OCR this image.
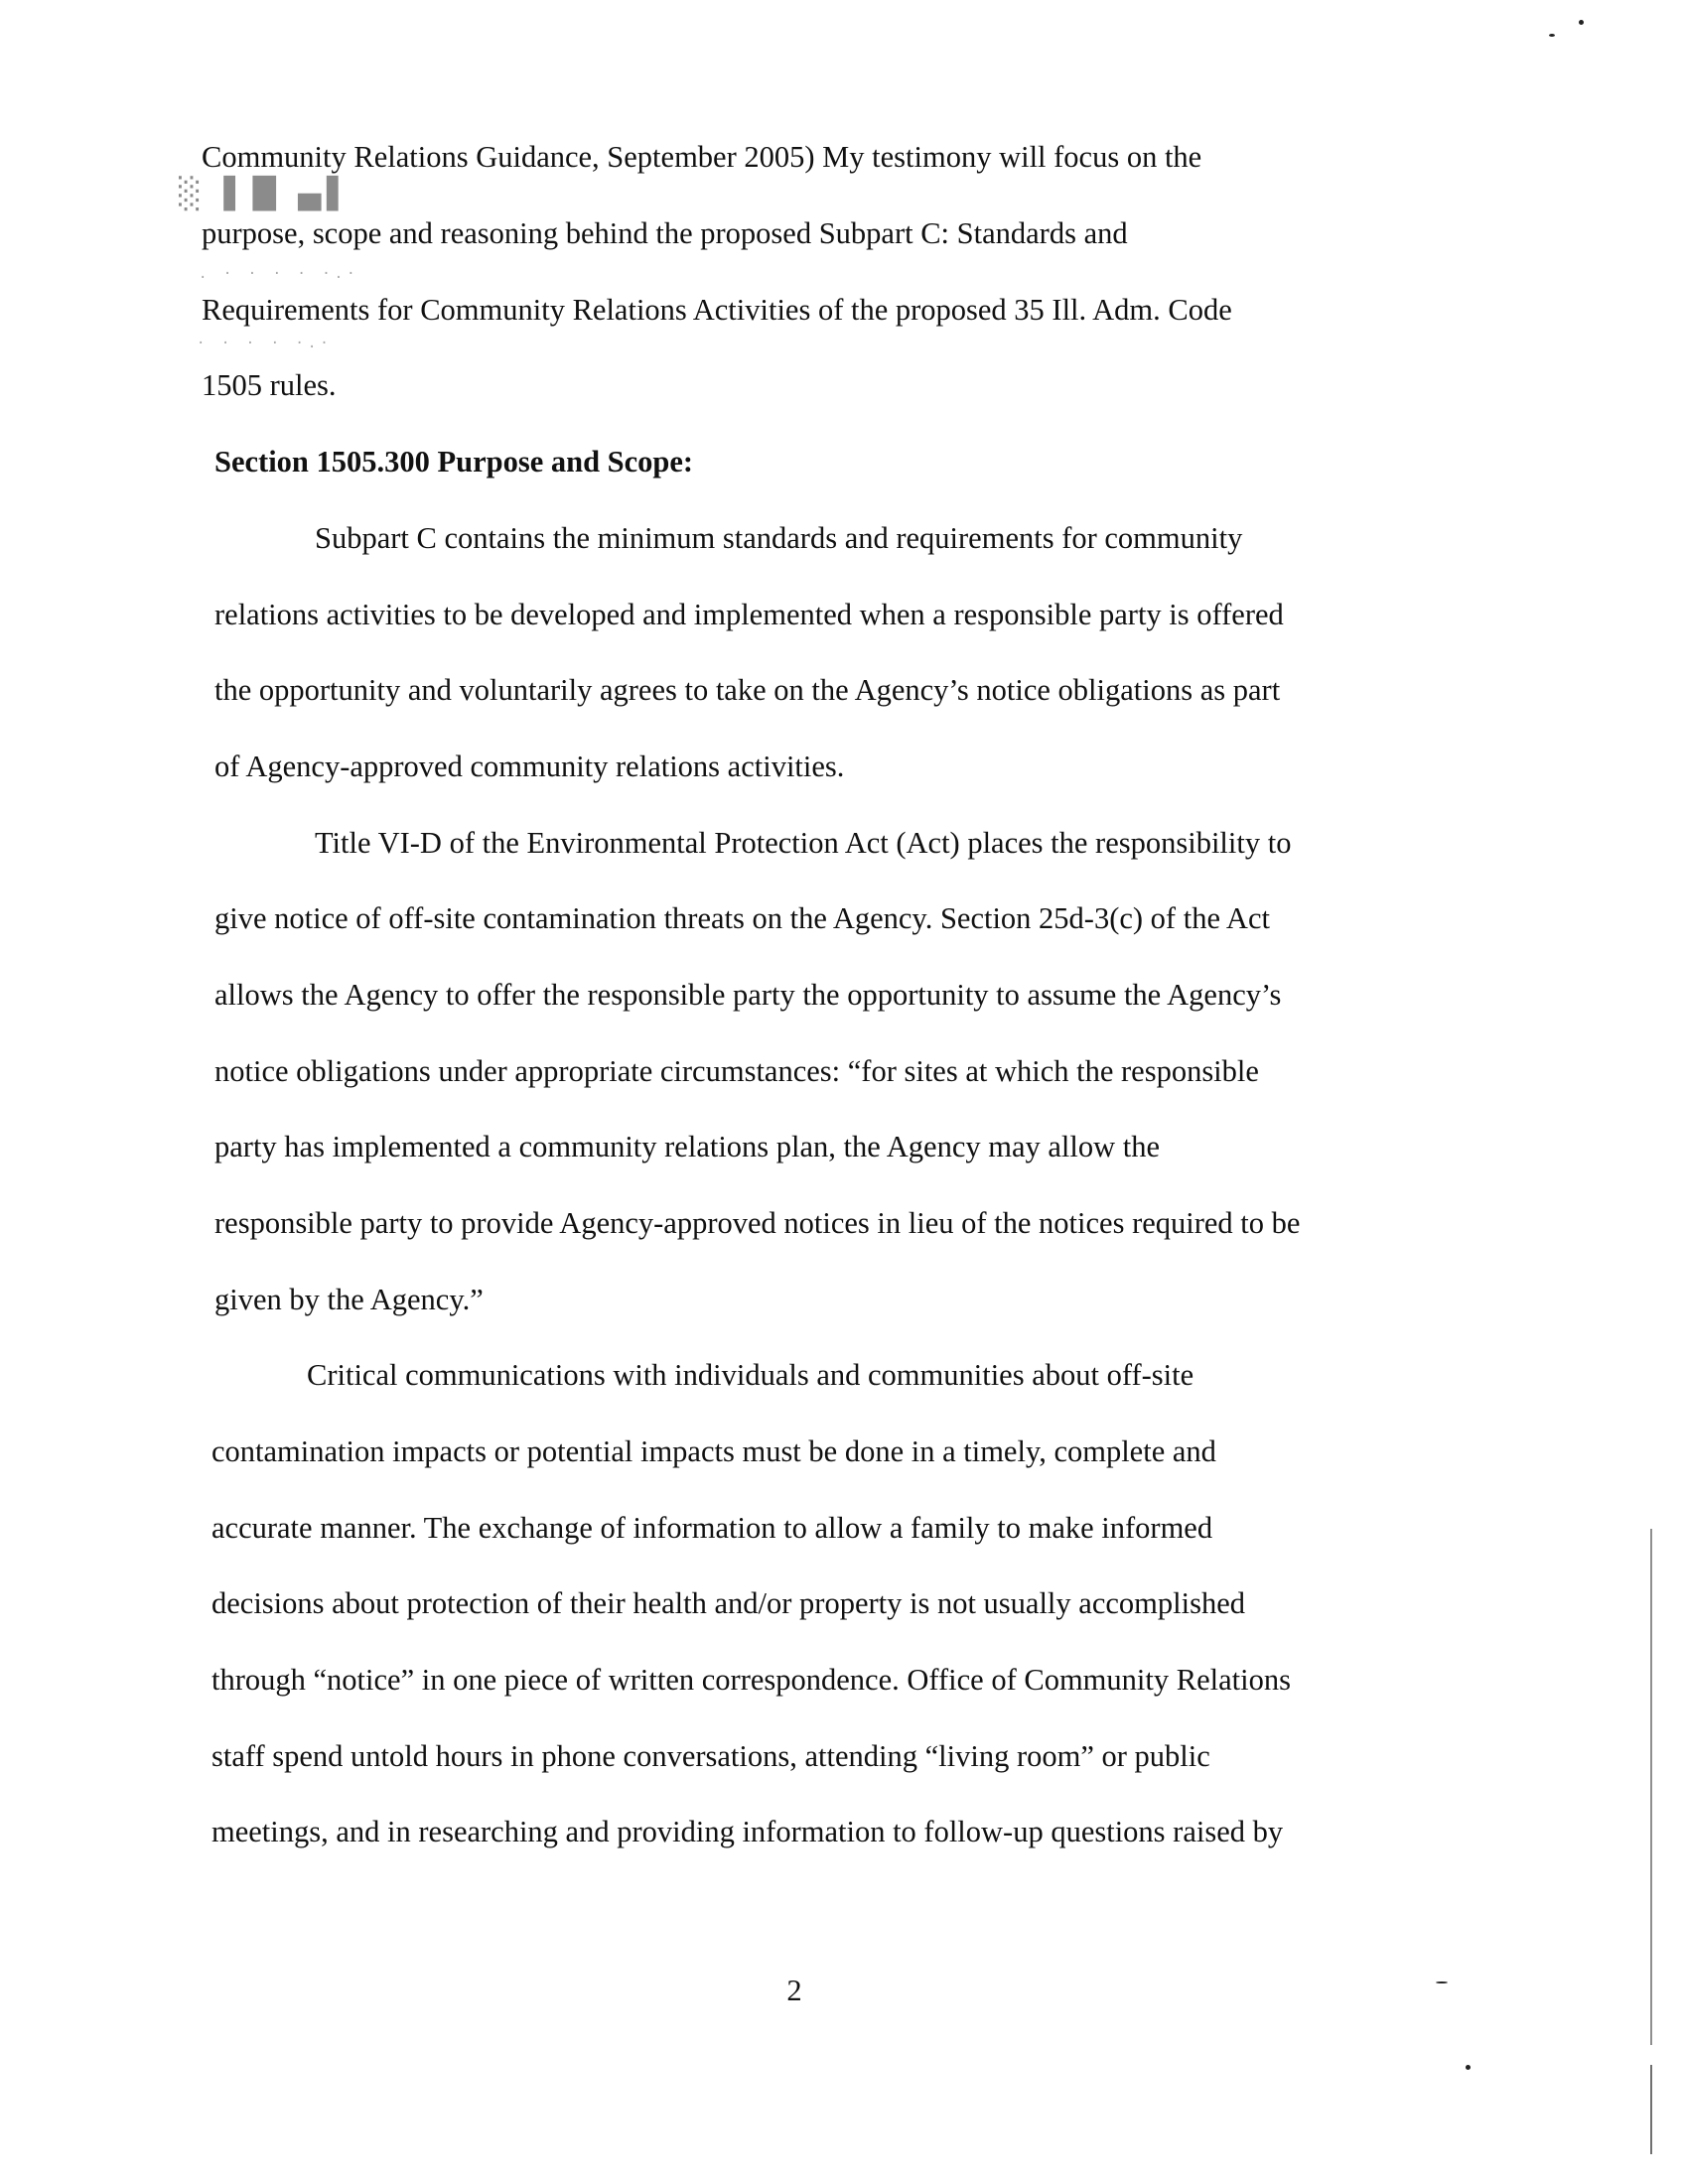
░ ▌█ ▄▌
. · · · · ·.·
· · · · ·.·
Community Relations Guidance, September 2005) My testimony will focus on the
purpose, scope and reasoning behind the proposed Subpart C: Standards and
Requirements for Community Relations Activities of the proposed 35 Ill. Adm. Code
1505 rules.
Section 1505.300 Purpose and Scope:
Subpart C contains the minimum standards and requirements for community
relations activities to be developed and implemented when a responsible party is offered
the opportunity and voluntarily agrees to take on the Agency’s notice obligations as part
of Agency-approved community relations activities.
Title VI-D of the Environmental Protection Act (Act) places the responsibility to
give notice of off-site contamination threats on the Agency. Section 25d-3(c) of the Act
allows the Agency to offer the responsible party the opportunity to assume the Agency’s
notice obligations under appropriate circumstances: “for sites at which the responsible
party has implemented a community relations plan, the Agency may allow the
responsible party to provide Agency-approved notices in lieu of the notices required to be
given by the Agency.”
Critical communications with individuals and communities about off-site
contamination impacts or potential impacts must be done in a timely, complete and
accurate manner. The exchange of information to allow a family to make informed
decisions about protection of their health and/or property is not usually accomplished
through “notice” in one piece of written correspondence. Office of Community Relations
staff spend untold hours in phone conversations, attending “living room” or public
meetings, and in researching and providing information to follow-up questions raised by
2
